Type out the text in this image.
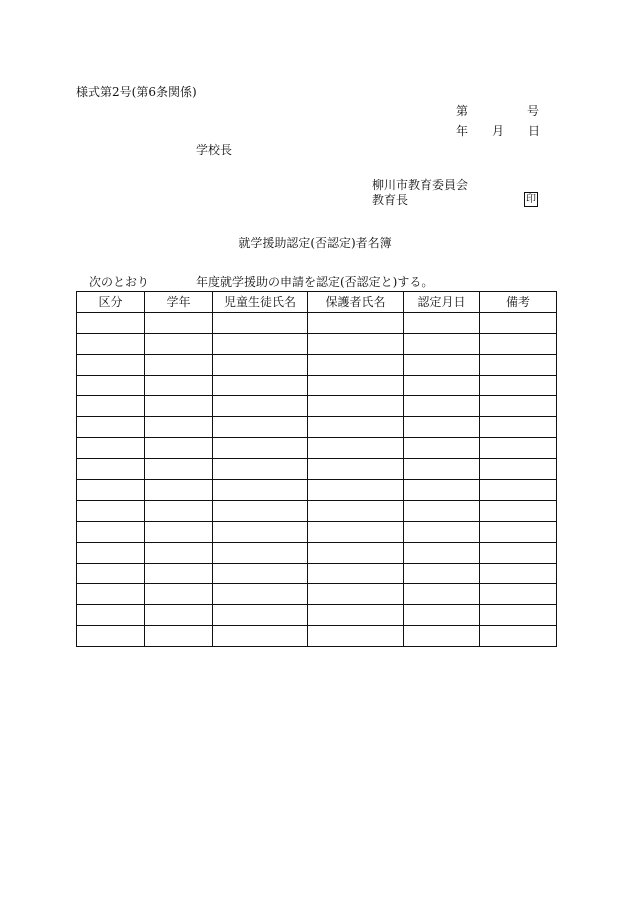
様式第2号(第6条関係)
第	号
年 月 日
学校長
柳川市教育委員会
教育長	印
就学援助認定(否認定)者名簿
次のとおり	年度就学援助の申請を認定(否認定と)する。
区分	学年	児童生徒氏名	保護者氏名	認定月日	備考
